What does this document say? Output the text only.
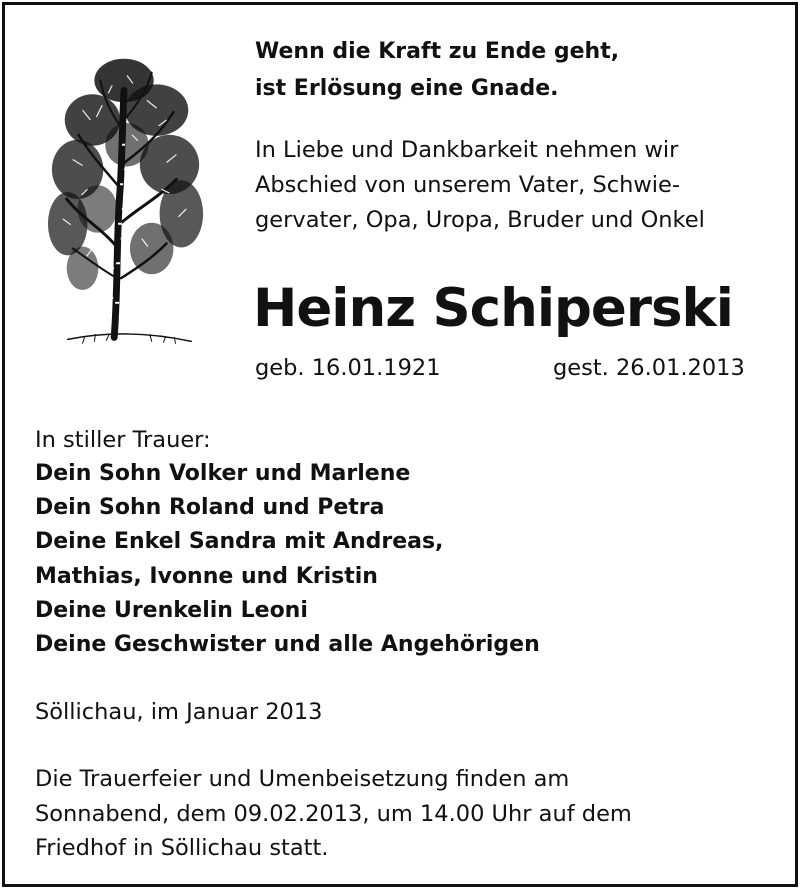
Wenn die Kraft zu Ende geht,
ist Erlösung eine Gnade.
In Liebe und Dankbarkeit nehmen wir
Abschied von unserem Vater, Schwie-
gervater, Opa, Uropa, Bruder und Onkel
Heinz Schiperski
geb. 16.01.1921	gest. 26.01.2013
In stiller Trauer:
Dein Sohn Volker und Marlene
Dein Sohn Roland und Petra
Deine Enkel Sandra mit Andreas,
Mathias, Ivonne und Kristin
Deine Urenkelin Leoni
Deine Geschwister und alle Angehörigen
Söllichau, im Januar 2013
Die Trauerfeier und Umenbeisetzung finden am
Sonnabend, dem 09.02.2013, um 14.00 Uhr auf dem
Friedhof in Söllichau statt.
